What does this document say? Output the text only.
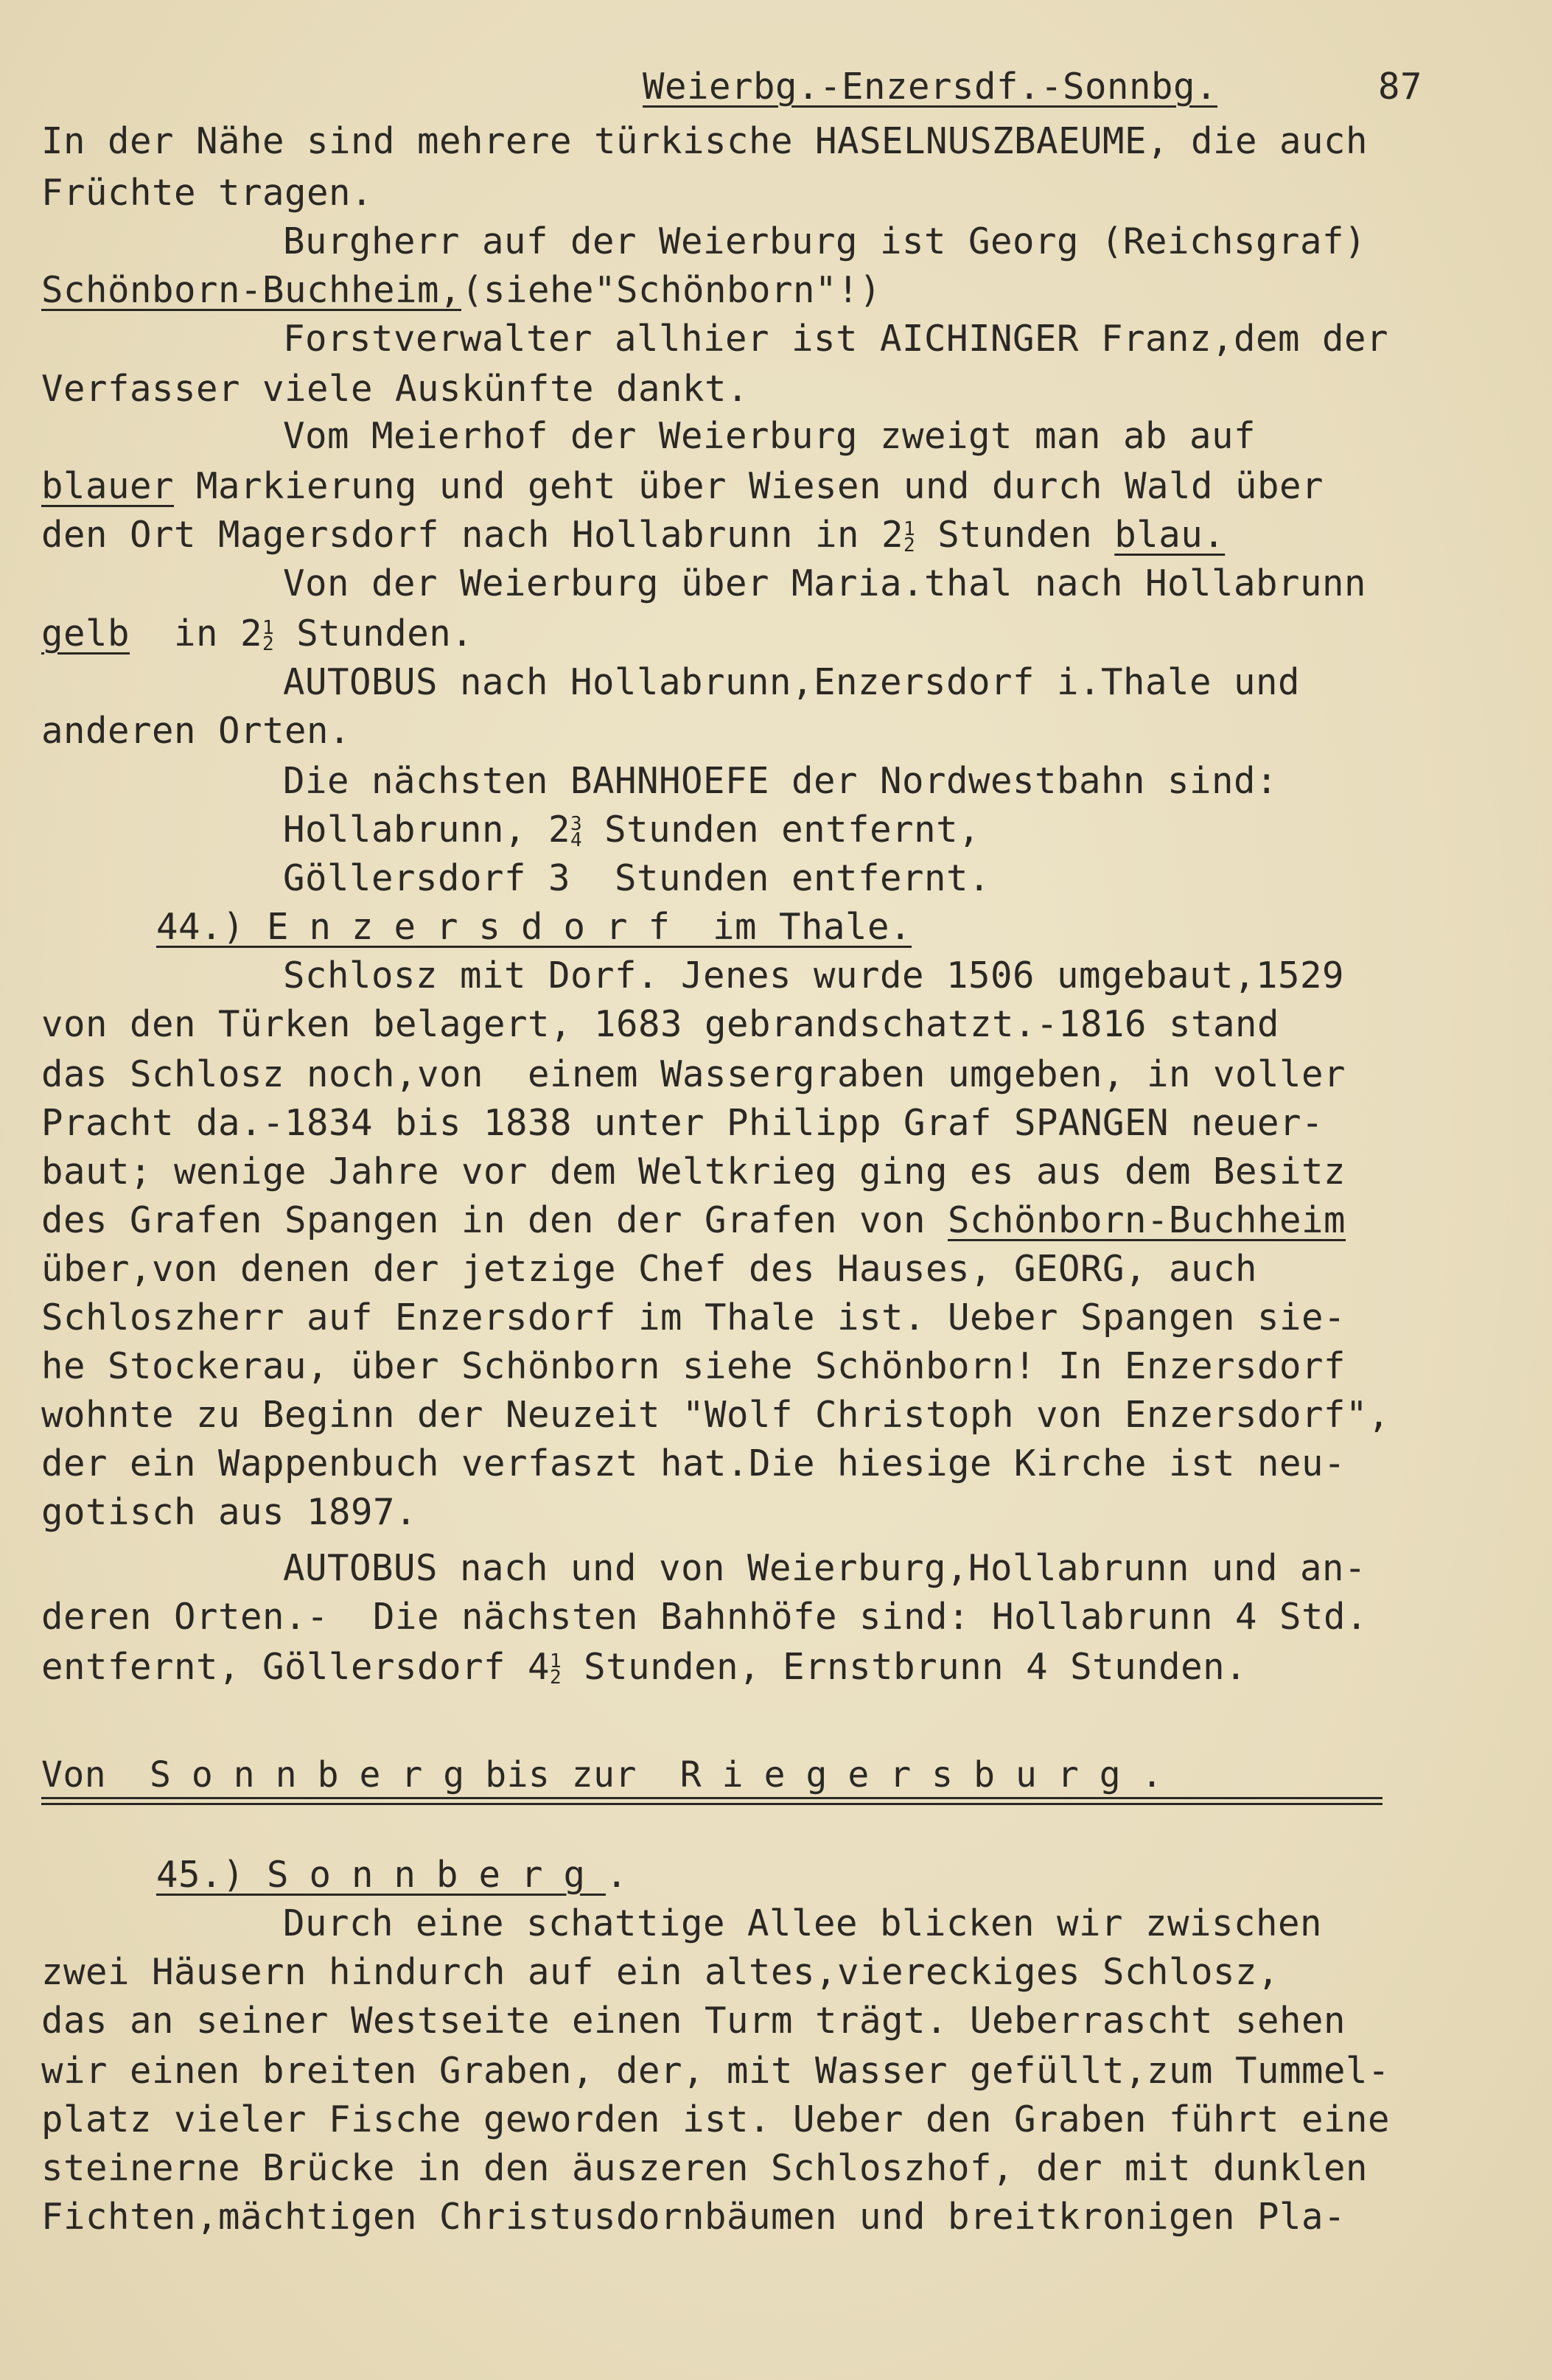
Weierbg.-Enzersdf.-Sonnbg.	87
In der Nähe sind mehrere türkische HASELNUSZBAEUME, die auch
Früchte tragen.
Burgherr auf der Weierburg ist Georg (Reichsgraf)
Schönborn-Buchheim,(siehe"Schönborn"!)
Forstverwalter allhier ist AICHINGER Franz,dem der
Verfasser viele Auskünfte dankt.
Vom Meierhof der Weierburg zweigt man ab auf
blauer Markierung und geht über Wiesen und durch Wald über
den Ort Magersdorf nach Hollabrunn in 2 1
2 Stunden blau.
Von der Weierburg über Maria.thal nach Hollabrunn
gelb  in 2 1
2 Stunden.
AUTOBUS nach Hollabrunn,Enzersdorf i.Thale und
anderen Orten.
Die nächsten BAHNHOEFE der Nordwestbahn sind:
Hollabrunn, 2 3
4 Stunden entfernt,
Göllersdorf 3  Stunden entfernt.
44.) Enzersdorf im Thale.
Schlosz mit Dorf. Jenes wurde 1506 umgebaut,1529
von den Türken belagert, 1683 gebrandschatzt.-1816 stand
das Schlosz noch,von  einem Wassergraben umgeben, in voller
Pracht da.-1834 bis 1838 unter Philipp Graf SPANGEN neuer-
baut; wenige Jahre vor dem Weltkrieg ging es aus dem Besitz
des Grafen Spangen in den der Grafen von Schönborn-Buchheim
über,von denen der jetzige Chef des Hauses, GEORG, auch
Schloszherr auf Enzersdorf im Thale ist. Ueber Spangen sie-
he Stockerau, über Schönborn siehe Schönborn! In Enzersdorf
wohnte zu Beginn der Neuzeit "Wolf Christoph von Enzersdorf",
der ein Wappenbuch verfaszt hat.Die hiesige Kirche ist neu-
gotisch aus 1897.
AUTOBUS nach und von Weierburg,Hollabrunn und an-
deren Orten.-  Die nächsten Bahnhöfe sind: Hollabrunn 4 Std.
entfernt, Göllersdorf 4 1
2 Stunden, Ernstbrunn 4 Stunden.
Von Sonnbergbis zur Riegersburg.
45.) Sonnberg.
Durch eine schattige Allee blicken wir zwischen
zwei Häusern hindurch auf ein altes,viereckiges Schlosz,
das an seiner Westseite einen Turm trägt. Ueberrascht sehen
wir einen breiten Graben, der, mit Wasser gefüllt,zum Tummel-
platz vieler Fische geworden ist. Ueber den Graben führt eine
steinerne Brücke in den äuszeren Schloszhof, der mit dunklen
Fichten,mächtigen Christusdornbäumen und breitkronigen Pla-
